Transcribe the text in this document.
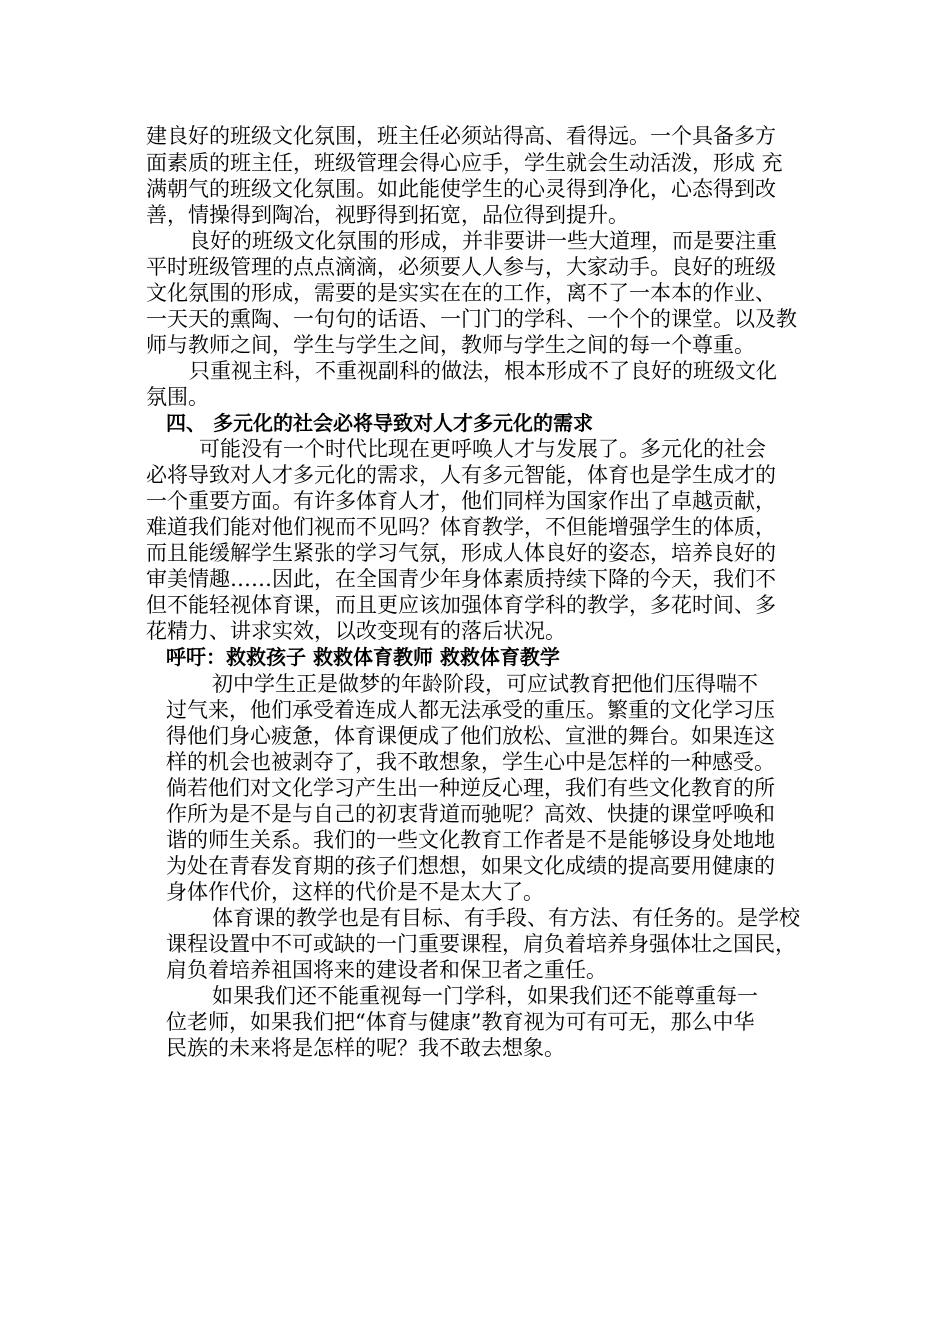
建良好的班级文化氛围，班主任必须站得高、看得远。一个具备多方
面素质的班主任，班级管理会得心应手，学生就会生动活泼，形成 充
满朝气的班级文化氛围。如此能使学生的心灵得到净化，心态得到改
善，情操得到陶冶，视野得到拓宽，品位得到提升。
良好的班级文化氛围的形成，并非要讲一些大道理，而是要注重
平时班级管理的点点滴滴，必须要人人参与，大家动手。良好的班级
文化氛围的形成，需要的是实实在在的工作，离不了一本本的作业、
一天天的熏陶、一句句的话语、一门门的学科、一个个的课堂。以及教
师与教师之间，学生与学生之间，教师与学生之间的每一个尊重。
只重视主科，不重视副科的做法，根本形成不了良好的班级文化
氛围。
四、 多元化的社会必将导致对人才多元化的需求
可能没有一个时代比现在更呼唤人才与发展了。多元化的社会
必将导致对人才多元化的需求，人有多元智能，体育也是学生成才的
一个重要方面。有许多体育人才，他们同样为国家作出了卓越贡献，
难道我们能对他们视而不见吗？体育教学，不但能增强学生的体质，
而且能缓解学生紧张的学习气氛，形成人体良好的姿态，培养良好的
审美情趣……因此，在全国青少年身体素质持续下降的今天，我们不
但不能轻视体育课，而且更应该加强体育学科的教学，多花时间、多
花精力、讲求实效，以改变现有的落后状况。
呼吁：救救孩子 救救体育教师 救救体育教学
初中学生正是做梦的年龄阶段，可应试教育把他们压得喘不
过气来，他们承受着连成人都无法承受的重压。繁重的文化学习压
得他们身心疲惫，体育课便成了他们放松、宣泄的舞台。如果连这
样的机会也被剥夺了，我不敢想象，学生心中是怎样的一种感受。
倘若他们对文化学习产生出一种逆反心理，我们有些文化教育的所
作所为是不是与自己的初衷背道而驰呢？高效、快捷的课堂呼唤和
谐的师生关系。我们的一些文化教育工作者是不是能够设身处地地
为处在青春发育期的孩子们想想，如果文化成绩的提高要用健康的
身体作代价，这样的代价是不是太大了。
体育课的教学也是有目标、有手段、有方法、有任务的。是学校
课程设置中不可或缺的一门重要课程，肩负着培养身强体壮之国民，
肩负着培养祖国将来的建设者和保卫者之重任。
如果我们还不能重视每一门学科，如果我们还不能尊重每一
位老师，如果我们把“体育与健康”教育视为可有可无，那么中华
民族的未来将是怎样的呢？我不敢去想象。
